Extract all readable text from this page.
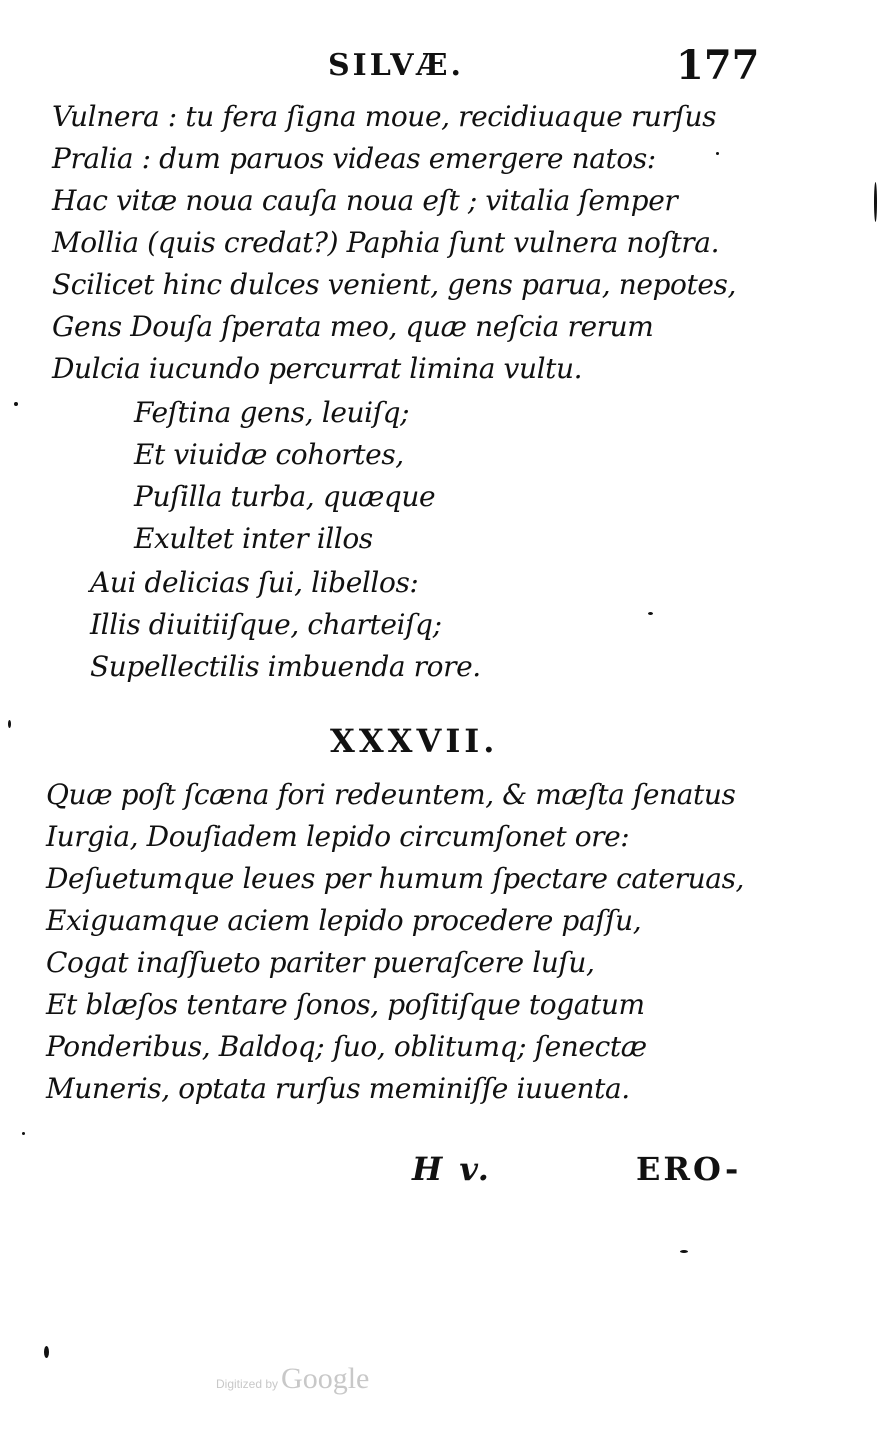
SILVÆ.	177
Vulnera : tu fera ſigna moue, recidiuaque rurſus
Pralia : dum paruos videas emergere natos:
Hac vitæ noua cauſa noua eſt ; vitalia ſemper
Mollia (quis credat?) Paphia ſunt vulnera noſtra.
Scilicet hinc dulces venient, gens parua, nepotes,
Gens Douſa ſperata meo, quæ neſcia rerum
Dulcia iucundo percurrat limina vultu.
Feſtina gens, leuiſq;
Et viuidæ cohortes,
Puſilla turba, quæque
Exultet inter illos
Aui delicias ſui, libellos:
Illis diuitiiſque, charteiſq;
Supellectilis imbuenda rore.
XXXVII.
Quæ poſt ſcæna fori redeuntem, & mæſta ſenatus
Iurgia, Douſiadem lepido circumſonet ore:
Deſuetumque leues per humum ſpectare cateruas,
Exiguamque aciem lepido procedere paſſu,
Cogat inaſſueto pariter pueraſcere luſu,
Et blæſos tentare ſonos, poſitiſque togatum
Ponderibus, Baldoq; ſuo, oblitumq; ſenectæ
Muneris, optata rurſus meminiſſe iuuenta.
H v.	ERO-
Digitized by Google
